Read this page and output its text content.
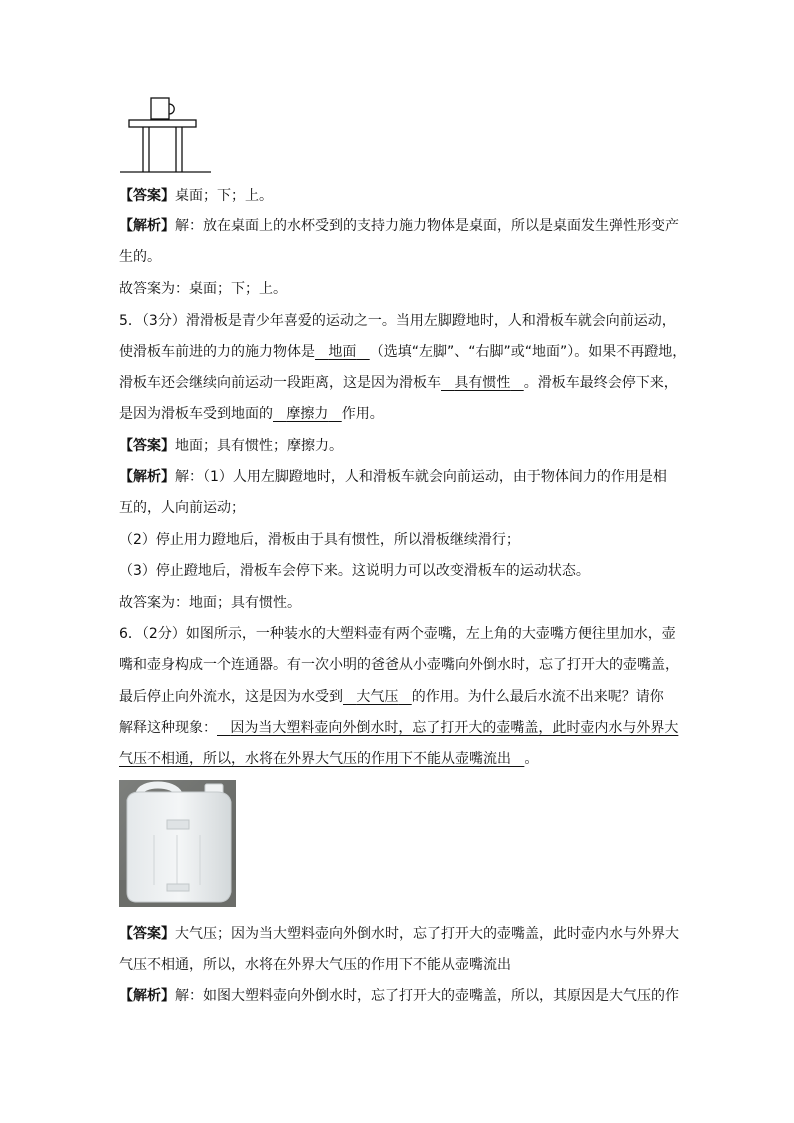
【答案】桌面；下；上。
【解析】解：放在桌面上的水杯受到的支持力施力物体是桌面，所以是桌面发生弹性形变产
生的。
故答案为：桌面；下；上。
5．（3分）滑滑板是青少年喜爱的运动之一。当用左脚蹬地时，人和滑板车就会向前运动，
使滑板车前进的力的施力物体是 地面 （选填“左脚”、“右脚”或“地面”）。如果不再蹬地，
滑板车还会继续向前运动一段距离，这是因为滑板车 具有惯性 。滑板车最终会停下来，
是因为滑板车受到地面的 摩擦力 作用。
【答案】地面；具有惯性；摩擦力。
【解析】解：（1）人用左脚蹬地时，人和滑板车就会向前运动，由于物体间力的作用是相
互的，人向前运动；
（2）停止用力蹬地后，滑板由于具有惯性，所以滑板继续滑行；
（3）停止蹬地后，滑板车会停下来。这说明力可以改变滑板车的运动状态。
故答案为：地面；具有惯性。
6．（2分）如图所示，一种装水的大塑料壶有两个壶嘴，左上角的大壶嘴方便往里加水，壶
嘴和壶身构成一个连通器。有一次小明的爸爸从小壶嘴向外倒水时，忘了打开大的壶嘴盖，
最后停止向外流水，这是因为水受到 大气压 的作用。为什么最后水流不出来呢？请你
解释这种现象： 因为当大塑料壶向外倒水时，忘了打开大的壶嘴盖，此时壶内水与外界大
气压不相通，所以，水将在外界大气压的作用下不能从壶嘴流出 。
【答案】大气压；因为当大塑料壶向外倒水时，忘了打开大的壶嘴盖，此时壶内水与外界大
气压不相通，所以，水将在外界大气压的作用下不能从壶嘴流出
【解析】解：如图大塑料壶向外倒水时，忘了打开大的壶嘴盖，所以，其原因是大气压的作
